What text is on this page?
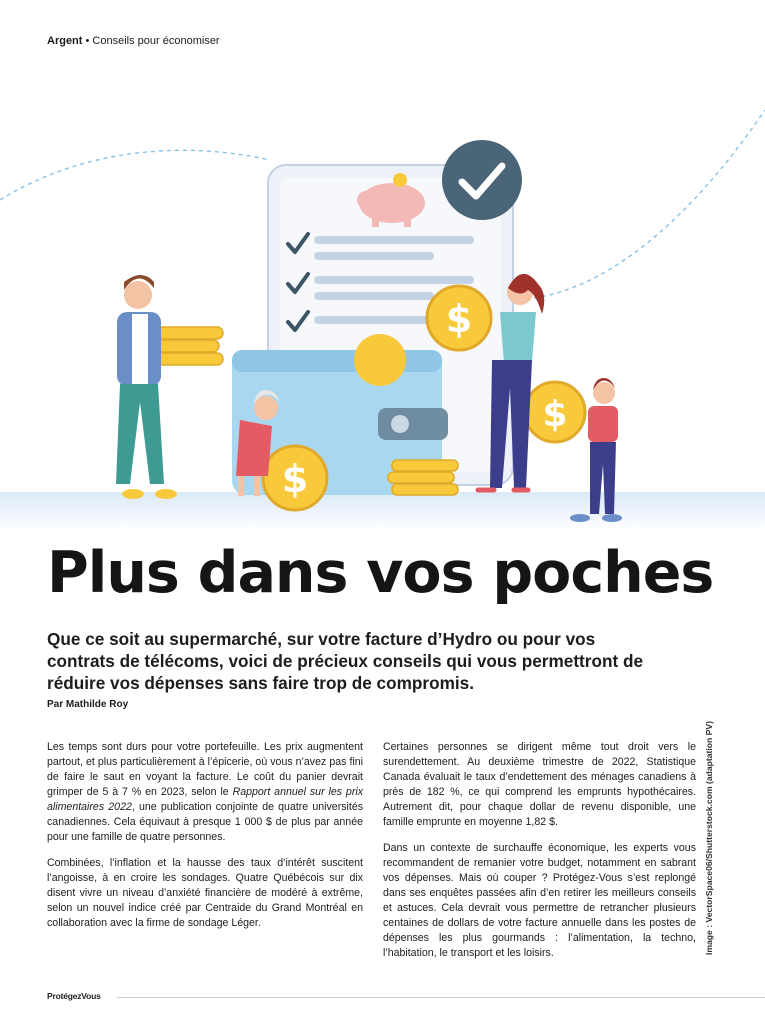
Argent • Conseils pour économiser
$
$
$
Plus dans vos poches
Que ce soit au supermarché, sur votre facture d’Hydro ou pour vos contrats de télécoms, voici de précieux conseils qui vous permettront de réduire vos dépenses sans faire trop de compromis.
Par Mathilde Roy

Les temps sont durs pour votre portefeuille. Les prix augmentent partout, et plus particulièrement à l’épicerie, où vous n’avez pas fini de faire le saut en voyant la facture. Le coût du panier devrait grimper de 5 à 7 % en 2023, selon le Rapport annuel sur les prix alimentaires 2022, une publication conjointe de quatre universités canadiennes. Cela équivaut à presque 1 000 $ de plus par année pour une famille de quatre personnes.

Combinées, l’inflation et la hausse des taux d’intérêt suscitent l’angoisse, à en croire les sondages. Quatre Québécois sur dix disent vivre un niveau d’anxiété financière de modéré à extrême, selon un nouvel indice créé par Centraide du Grand Montréal en collaboration avec la firme de sondage Léger.

Certaines personnes se dirigent même tout droit vers le surendettement. Au deuxième trimestre de 2022, Statistique Canada évaluait le taux d’endettement des ménages canadiens à près de 182 %, ce qui comprend les emprunts hypothécaires. Autrement dit, pour chaque dollar de revenu disponible, une famille emprunte en moyenne 1,82 $.

Dans un contexte de surchauffe économique, les experts vous recommandent de remanier votre budget, notamment en sabrant vos dépenses. Mais où couper ? Protégez-Vous s’est replongé dans ses enquêtes passées afin d’en retirer les meilleurs conseils et astuces. Cela devrait vous permettre de retrancher plusieurs centaines de dollars de votre facture annuelle dans les postes de dépenses les plus gourmands : l’alimentation, la techno, l’habitation, le transport et les loisirs.	Image : VectorSpace06/Shutterstock.com (adaptation PV)
ProtégezVous
